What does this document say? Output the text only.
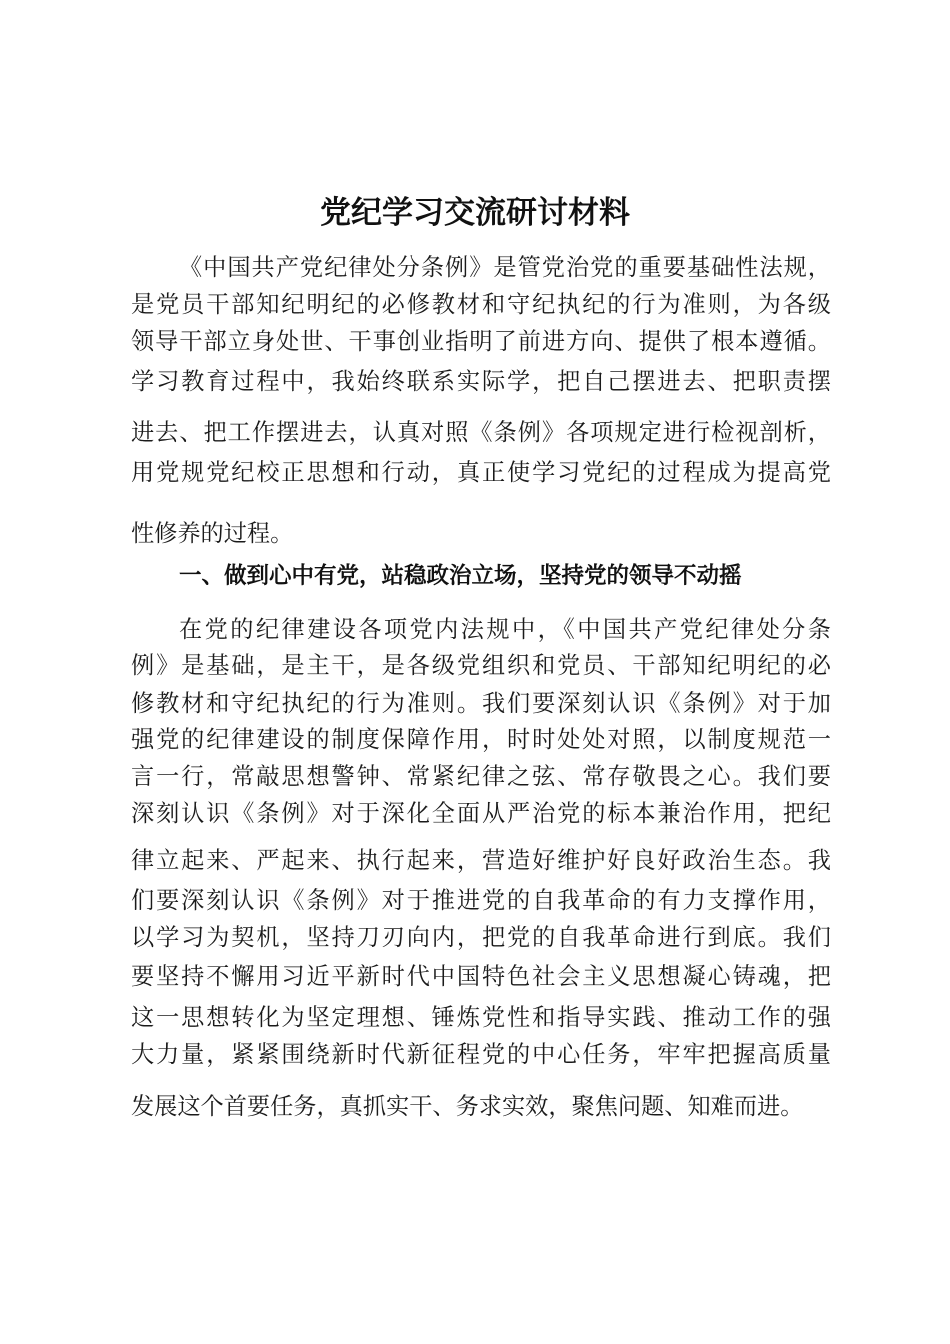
党纪学习交流研讨材料

《中国共产党纪律处分条例》是管党治党的重要基础性法规，

是党员干部知纪明纪的必修教材和守纪执纪的行为准则，为各级

领导干部立身处世、干事创业指明了前进方向、提供了根本遵循。

学习教育过程中，我始终联系实际学，把自己摆进去、把职责摆

进去、把工作摆进去，认真对照《条例》各项规定进行检视剖析，

用党规党纪校正思想和行动，真正使学习党纪的过程成为提高党

性修养的过程。

一、做到心中有党，站稳政治立场，坚持党的领导不动摇

在党的纪律建设各项党内法规中，《中国共产党纪律处分条

例》是基础，是主干，是各级党组织和党员、干部知纪明纪的必

修教材和守纪执纪的行为准则。我们要深刻认识《条例》对于加

强党的纪律建设的制度保障作用，时时处处对照，以制度规范一

言一行，常敲思想警钟、常紧纪律之弦、常存敬畏之心。我们要

深刻认识《条例》对于深化全面从严治党的标本兼治作用，把纪

律立起来、严起来、执行起来，营造好维护好良好政治生态。我

们要深刻认识《条例》对于推进党的自我革命的有力支撑作用，

以学习为契机，坚持刀刃向内，把党的自我革命进行到底。我们

要坚持不懈用习近平新时代中国特色社会主义思想凝心铸魂，把

这一思想转化为坚定理想、锤炼党性和指导实践、推动工作的强

大力量，紧紧围绕新时代新征程党的中心任务，牢牢把握高质量

发展这个首要任务，真抓实干、务求实效，聚焦问题、知难而进。
